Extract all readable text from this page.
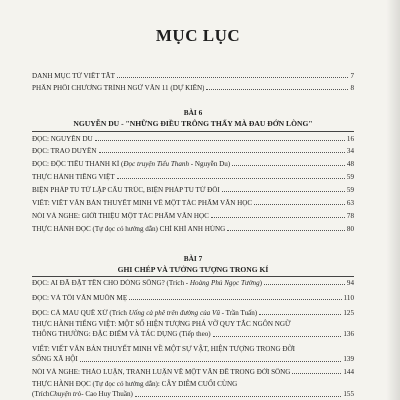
MỤC LỤC
DANH MỤC TỪ VIẾT TẮT	7
PHÂN PHỐI CHƯƠNG TRÌNH NGỮ VĂN 11 (DỰ KIẾN)	8
BÀI 6
NGUYỄN DU - "NHỮNG ĐIỀU TRÔNG THẤY MÀ ĐAU ĐỚN LÒNG"
ĐỌC: NGUYỄN DU	16
ĐỌC: TRAO DUYÊN	34
ĐỌC: ĐỘC TIỂU THANH KÍ (Đọc truyện Tiểu Thanh - Nguyễn Du)	48
THỰC HÀNH TIẾNG VIỆT	59
BIỆN PHÁP TU TỪ LẶP CẤU TRÚC, BIỆN PHÁP TU TỪ ĐỐI	59
VIẾT: VIẾT VĂN BẢN THUYẾT MINH VỀ MỘT TÁC PHẨM VĂN HỌC	63
NÓI VÀ NGHE: GIỚI THIỆU MỘT TÁC PHẨM VĂN HỌC	78
THỰC HÀNH ĐỌC (Tự đọc có hướng dẫn) CHÍ KHÍ ANH HÙNG	80
BÀI 7
GHI CHÉP VÀ TƯỞNG TƯỢNG TRONG KÍ
ĐỌC: AI ĐÃ ĐẶT TÊN CHO DÒNG SÔNG? (Trích - Hoàng Phủ Ngọc Tường)	94
ĐỌC: VÀ TÔI VẪN MUỐN MẸ	110
ĐỌC: CÀ MAU QUÊ XỨ (Trích Uống cà phê trên đường của Vũ - Trần Tuấn)	125
THỰC HÀNH TIẾNG VIỆT: MỘT SỐ HIỆN TƯỢNG PHÁ VỠ QUY TẮC NGÔN NGỮ
THÔNG THƯỜNG: ĐẶC ĐIỂM VÀ TÁC DỤNG (Tiếp theo)	136
VIẾT: VIẾT VĂN BẢN THUYẾT MINH VỀ MỘT SỰ VẬT, HIỆN TƯỢNG TRONG ĐỜI
SỐNG XÃ HỘI	139
NÓI VÀ NGHE: THẢO LUẬN, TRANH LUẬN VỀ MỘT VẤN ĐỀ TRONG ĐỜI SỐNG	144
THỰC HÀNH ĐỌC (Tự đọc có hướng dẫn): CÂY DIÊM CUỐI CÙNG
(Trích Chuyện trò - Cao Huy Thuần)	155
